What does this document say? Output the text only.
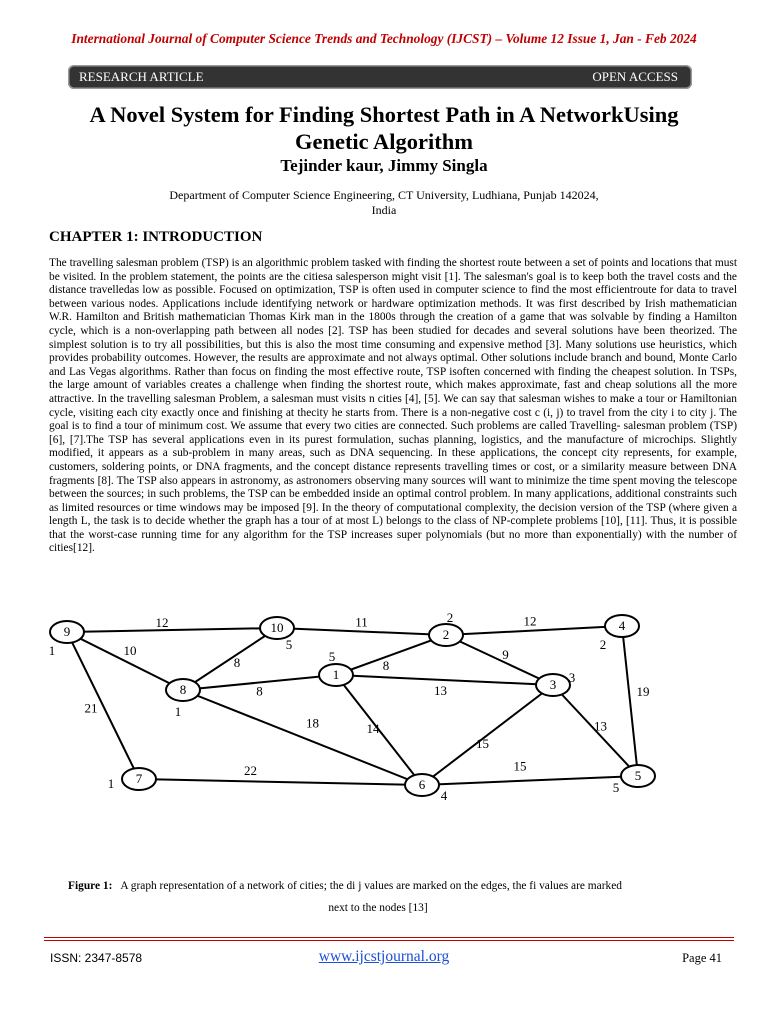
International Journal of Computer Science Trends and Technology (IJCST) – Volume 12 Issue 1, Jan - Feb 2024
RESEARCH ARTICLE	OPEN ACCESS
A Novel System for Finding Shortest Path in A NetworkUsing Genetic Algorithm
Tejinder kaur, Jimmy Singla
Department of Computer Science Engineering, CT University, Ludhiana, Punjab 142024,
India
CHAPTER 1: INTRODUCTION
The travelling salesman problem (TSP) is an algorithmic problem tasked with finding the shortest route between a set of points and locations that must be visited. In the problem statement, the points are the citiesa salesperson might visit [1]. The salesman's goal is to keep both the travel costs and the distance travelledas low as possible. Focused on optimization, TSP is often used in computer science to find the most efficientroute for data to travel between various nodes. Applications include identifying network or hardware optimization methods. It was first described by Irish mathematician W.R. Hamilton and British mathematician Thomas Kirk man in the 1800s through the creation of a game that was solvable by finding a Hamilton cycle, which is a non-overlapping path between all nodes [2]. TSP has been studied for decades and several solutions have been theorized. The simplest solution is to try all possibilities, but this is also the most time consuming and expensive method [3]. Many solutions use heuristics, which provides probability outcomes. However, the results are approximate and not always optimal. Other solutions include branch and bound, Monte Carlo and Las Vegas algorithms. Rather than focus on finding the most effective route, TSP isoften concerned with finding the cheapest solution. In TSPs, the large amount of variables creates a challenge when finding the shortest route, which makes approximate, fast and cheap solutions all the more attractive. In the travelling salesman Problem, a salesman must visits n cities [4], [5]. We can say that salesman wishes to make a tour or Hamiltonian cycle, visiting each city exactly once and finishing at thecity he starts from. There is a non-negative cost c (i, j) to travel from the city i to city j. The goal is to find a tour of minimum cost. We assume that every two cities are connected. Such problems are called Travelling- salesman problem (TSP) [6], [7].The TSP has several applications even in its purest formulation, suchas planning, logistics, and the manufacture of microchips. Slightly modified, it appears as a sub-problem in many areas, such as DNA sequencing. In these applications, the concept city represents, for example, customers, soldering points, or DNA fragments, and the concept distance represents travelling times or cost, or a similarity measure between DNA fragments [8]. The TSP also appears in astronomy, as astronomers observing many sources will want to minimize the time spent moving the telescope between the sources; in such problems, the TSP can be embedded inside an optimal control problem. In many applications, additional constraints such as limited resources or time windows may be imposed [9]. In the theory of computational complexity, the decision version of the TSP (where given a length L, the task is to decide whether the graph has a tour of at most L) belongs to the class of NP-complete problems [10], [11]. Thus, it is possible that the worst-case running time for any algorithm for the TSP increases super polynomials (but no more than exponentially) with the number of cities[12].
12
10
21
11
8
12
8
9
8
18
13
14
15
13
19
22	15
9
1
10
5
2
2
4
2
8
1
1
5
3 3
7
1	6
4
5
5
Figure 1: A graph representation of a network of cities; the di j values are marked on the edges, the fi values are marked
next to the nodes [13]
ISSN: 2347-8578	www.ijcstjournal.org	Page 41
